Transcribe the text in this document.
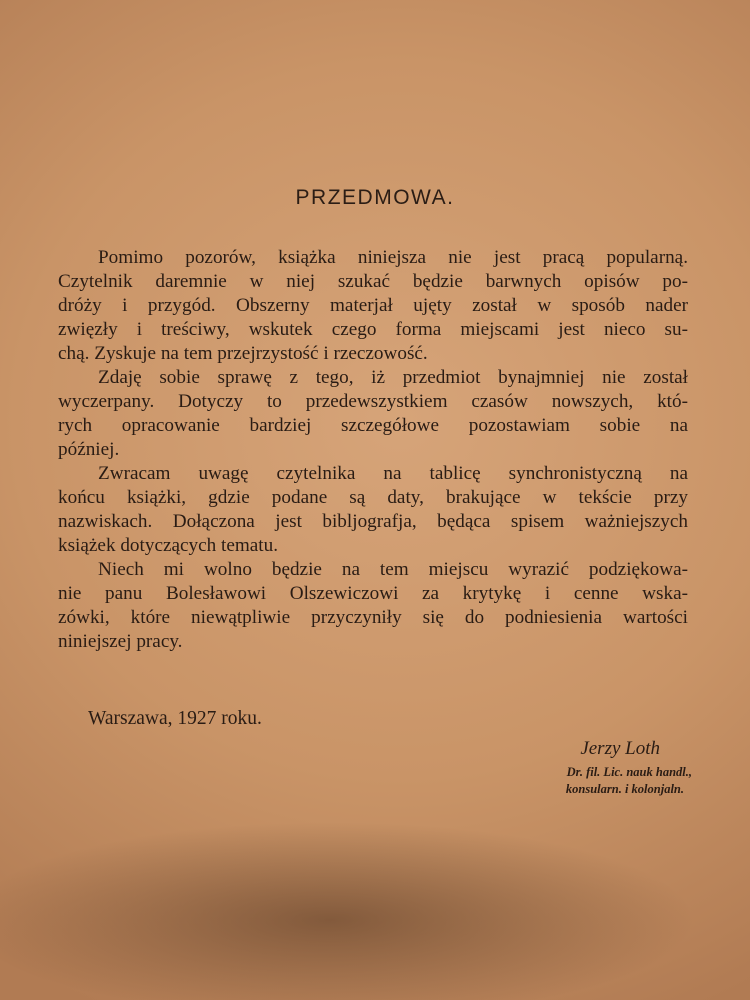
PRZEDMOWA.

Pomimo pozorów, książka niniejsza nie jest pracą popularną.
Czytelnik daremnie w niej szukać będzie barwnych opisów po-
dróży i przygód. Obszerny materjał ujęty został w sposób nader
zwięzły i treściwy, wskutek czego forma miejscami jest nieco su-
chą. Zyskuje na tem przejrzystość i rzeczowość.

Zdaję sobie sprawę z tego, iż przedmiot bynajmniej nie został
wyczerpany. Dotyczy to przedewszystkiem czasów nowszych, któ-
rych opracowanie bardziej szczegółowe pozostawiam sobie na
później.

Zwracam uwagę czytelnika na tablicę synchronistyczną na
końcu książki, gdzie podane są daty, brakujące w tekście przy
nazwiskach. Dołączona jest bibljografja, będąca spisem ważniejszych
książek dotyczących tematu.

Niech mi wolno będzie na tem miejscu wyrazić podziękowa-
nie panu Bolesławowi Olszewiczowi za krytykę i cenne wska-
zówki, które niewątpliwie przyczyniły się do podniesienia wartości
niniejszej pracy.

Warszawa, 1927 roku.
Jerzy Loth
Dr. fil. Lic. nauk handl.,
konsularn. i kolonjaln.
